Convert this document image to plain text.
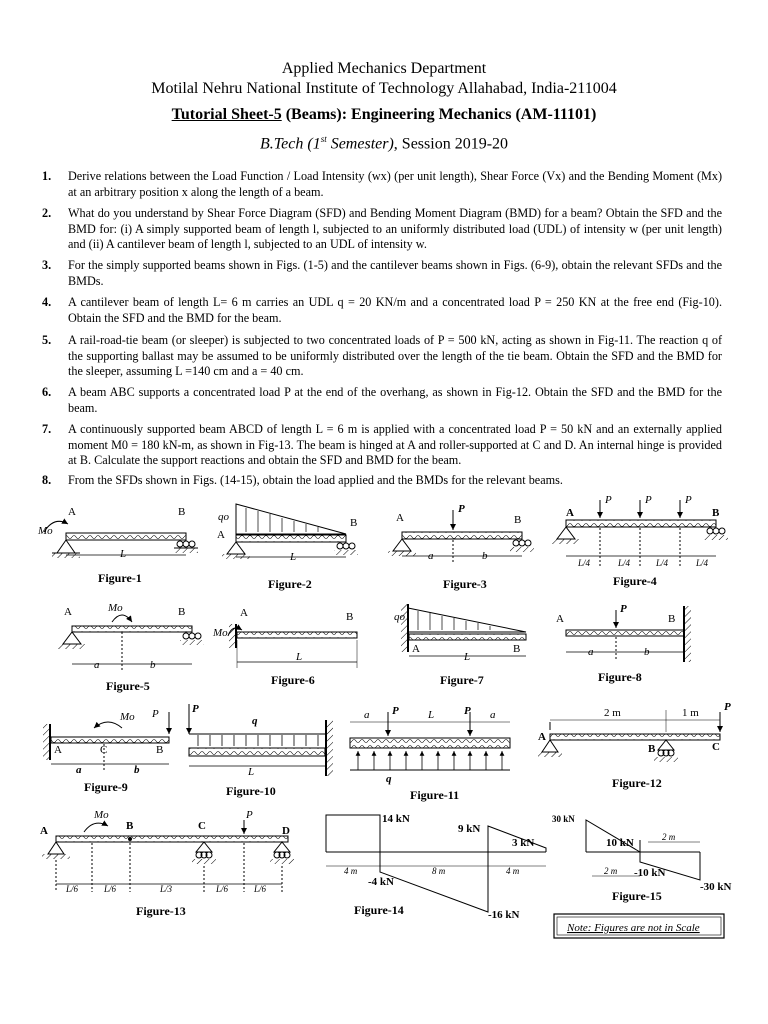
Applied Mechanics Department
Motilal Nehru National Institute of Technology Allahabad, India-211004
Tutorial Sheet-5 (Beams): Engineering Mechanics (AM-11101)
B.Tech (1st Semester), Session 2019-20
1.	Derive relations between the Load Function / Load Intensity (wx) (per unit length), Shear Force (Vx) and the Bending Moment (Mx) at an arbitrary position x along the length of a beam.
2.	What do you understand by Shear Force Diagram (SFD) and Bending Moment Diagram (BMD) for a beam? Obtain the SFD and the BMD for: (i) A simply supported beam of length l, subjected to an uniformly distributed load (UDL) of intensity w (per unit length) and (ii) A cantilever beam of length l, subjected to an UDL of intensity w.
3.	For the simply supported beams shown in Figs. (1-5) and the cantilever beams shown in Figs. (6-9), obtain the relevant SFDs and the BMDs.
4.	A cantilever beam of length L= 6 m carries an UDL q = 20 KN/m and a concentrated load P = 250 KN at the free end (Fig-10). Obtain the SFD and the BMD for the beam.
5.	A rail-road-tie beam (or sleeper) is subjected to two concentrated loads of P = 500 kN, acting as shown in Fig-11. The reaction q of the supporting ballast may be assumed to be uniformly distributed over the length of the tie beam. Obtain the SFD and the BMD for the sleeper, assuming L =140 cm and a = 40 cm.
6.	A beam ABC supports a concentrated load P at the end of the overhang, as shown in Fig-12. Obtain the SFD and the BMD for the beam.
7.	A continuously supported beam ABCD of length L = 6 m is applied with a concentrated load P = 50 kN and an externally applied moment M0 = 180 kN-m, as shown in Fig-13. The beam is hinged at A and roller-supported at C and D. An internal hinge is provided at B. Calculate the support reactions and obtain the SFD and BMD for the beam.
8.	From the SFDs shown in Figs. (14-15), obtain the load applied and the BMDs for the relevant beams.
A	B
Mo
L
Figure-1
qo
A
B
L
Figure-2
P
A	B
a	b
Figure-3
P	P	P
A	B
L/4	L/4	L/4	L/4
Figure-4
A	B
Mo
a	b
Figure-5
A	B
Mo
L
Figure-6
qo
A	B
L
Figure-7
P
A	B
a	b
Figure-8
Mo P
A	C	B
a	b
Figure-9
P
q
L
Figure-10
a P	L	P a
q
Figure-11
2 m	1 m P
A
B	C
Figure-12
A
Mo
B	C
P
D
L/6	L/6	L/3	L/6	L/6
Figure-13
14 kN
9 kN
3 kN
-4 kN
-16 kN
4 m	8 m	4 m
Figure-14
30 kN
10 kN
-10 kN
-30 kN
2 m
2 m
Figure-15
Note: Figures are not in Scale
